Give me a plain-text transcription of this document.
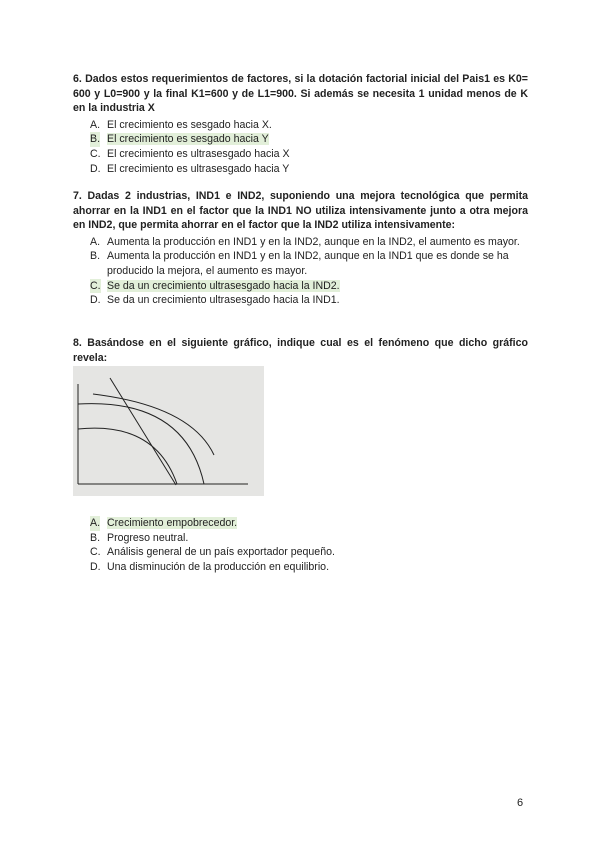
6. Dados estos requerimientos de factores, si la dotación factorial inicial del Pais1 es K0= 600 y L0=900 y la final K1=600 y de L1=900. Si además se necesita 1 unidad menos de K en la industria X

A. El crecimiento es sesgado hacia X.
B. El crecimiento es sesgado hacia Y
C. El crecimiento es ultrasesgado hacia X
D. El crecimiento es ultrasesgado hacia Y

7. Dadas 2 industrias, IND1 e IND2, suponiendo una mejora tecnológica que permita ahorrar en la IND1 en el factor que la IND1 NO utiliza intensivamente junto a otra mejora en IND2, que permita ahorrar en el factor que la IND2 utiliza intensivamente:

A. Aumenta la producción en IND1 y en la IND2, aunque en la IND2, el aumento es mayor.
B. Aumenta la producción en IND1 y en la IND2, aunque en la IND1 que es donde se ha producido la mejora, el aumento es mayor.
C. Se da un crecimiento ultrasesgado hacia la IND2.
D. Se da un crecimiento ultrasesgado hacia la IND1.

8. Basándose en el siguiente gráfico, indique cual es el fenómeno que dicho gráfico revela:

A. Crecimiento empobrecedor.
B. Progreso neutral.
C. Análisis general de un país exportador pequeño.
D. Una disminución de la producción en equilibrio.
6
